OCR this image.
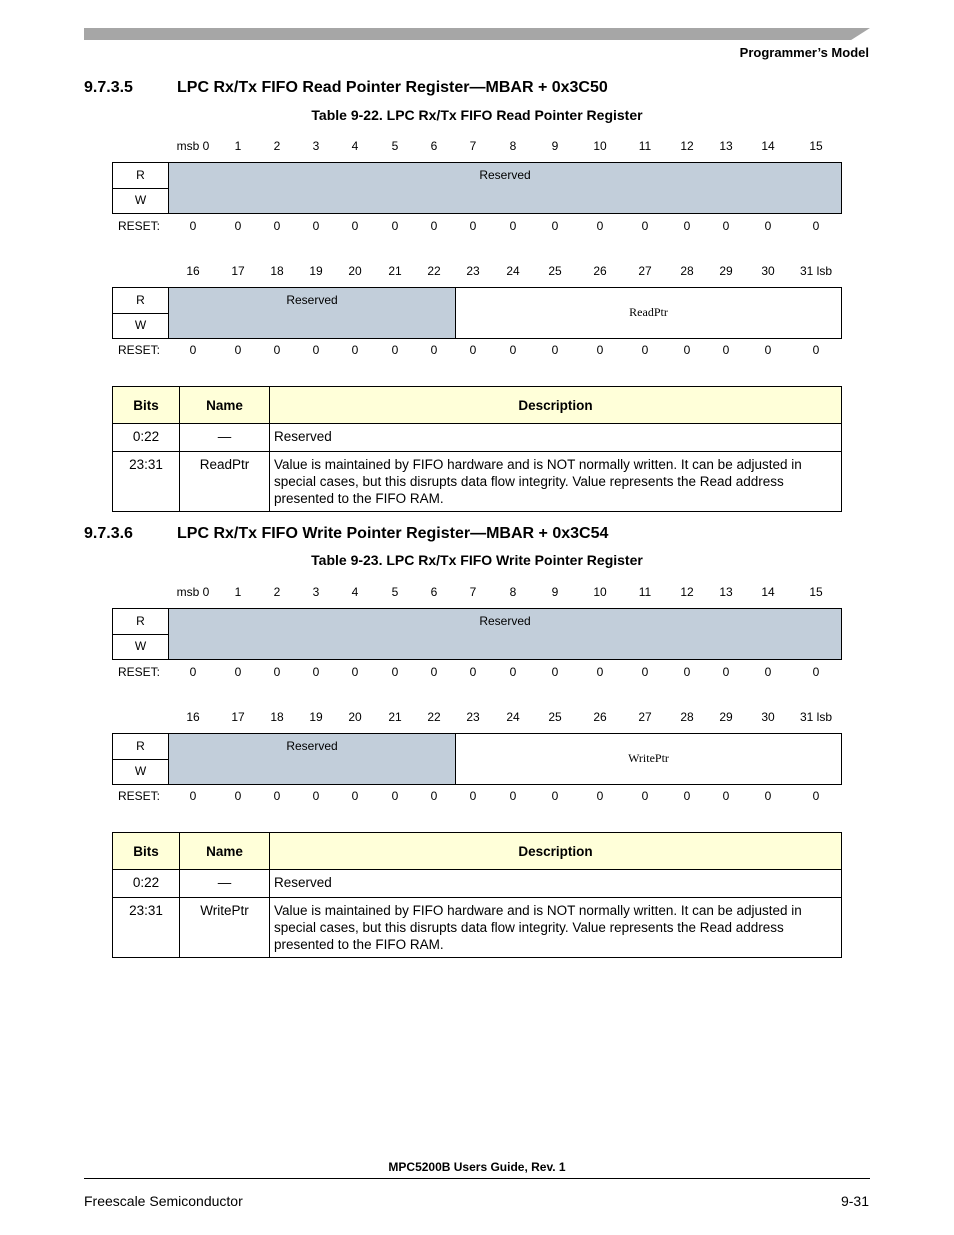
Programmer’s Model
9.7.3.5	LPC Rx/Tx FIFO Read Pointer Register—MBAR + 0x3C50
Table 9-22. LPC Rx/Tx FIFO Read Pointer Register
msb 0	1	2	3	4	5	6	7	8	9	10	11	12	13	14	15
R
W
Reserved
RESET:	0	0	0	0	0	0	0	0	0	0	0	0	0	0	0	0
16	17	18	19	20	21	22	23	24	25	26	27	28	29	30	31 lsb
R
W
Reserved
ReadPtr
RESET:	0	0	0	0	0	0	0	0	0	0	0	0	0	0	0	0
Bits	Name	Description
0:22	—	Reserved
23:31	ReadPtr	Value is maintained by FIFO hardware and is NOT normally written. It can be adjusted in special cases, but this disrupts data flow integrity. Value represents the Read address presented to the FIFO RAM.
9.7.3.6	LPC Rx/Tx FIFO Write Pointer Register—MBAR + 0x3C54
Table 9-23. LPC Rx/Tx FIFO Write Pointer Register
msb 0	1	2	3	4	5	6	7	8	9	10	11	12	13	14	15
R
W
Reserved
RESET:	0	0	0	0	0	0	0	0	0	0	0	0	0	0	0	0
16	17	18	19	20	21	22	23	24	25	26	27	28	29	30	31 lsb
R
W
Reserved
WritePtr
RESET:	0	0	0	0	0	0	0	0	0	0	0	0	0	0	0	0
Bits	Name	Description
0:22	—	Reserved
23:31	WritePtr	Value is maintained by FIFO hardware and is NOT normally written. It can be adjusted in special cases, but this disrupts data flow integrity. Value represents the Read address presented to the FIFO RAM.
MPC5200B Users Guide, Rev. 1
Freescale Semiconductor	9-31
